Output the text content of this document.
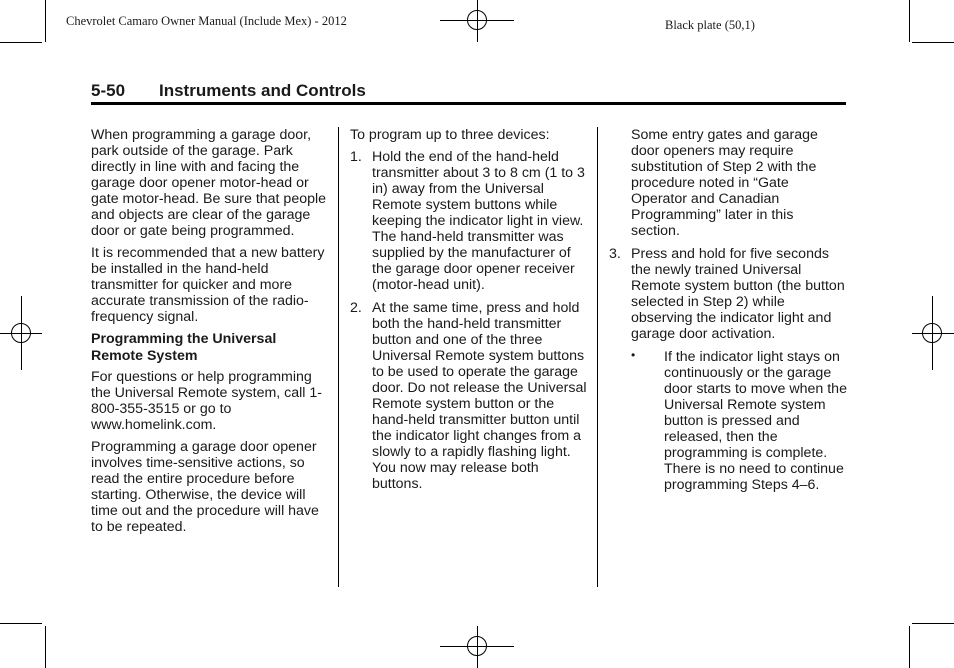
Chevrolet Camaro Owner Manual (Include Mex) - 2012	Black plate (50,1)
5-50 Instruments and Controls

When programming a garage door, park outside of the garage. Park directly in line with and facing the garage door opener motor-head or gate motor-head. Be sure that people and objects are clear of the garage door or gate being programmed.

It is recommended that a new battery be installed in the hand-held transmitter for quicker and more accurate transmission of the radio-frequency signal.

Programming the Universal Remote System

For questions or help programming the Universal Remote system, call 1-800-355-3515 or go to www.homelink.com.

Programming a garage door opener involves time-sensitive actions, so read the entire procedure before starting. Otherwise, the device will time out and the procedure will have to be repeated.

To program up to three devices:

1. Hold the end of the hand-held transmitter about 3 to 8 cm (1 to 3 in) away from the Universal Remote system buttons while keeping the indicator light in view. The hand-held transmitter was supplied by the manufacturer of the garage door opener receiver (motor-head unit).
2. At the same time, press and hold both the hand-held transmitter button and one of the three Universal Remote system buttons to be used to operate the garage door. Do not release the Universal Remote system button or the hand-held transmitter button until the indicator light changes from a slowly to a rapidly flashing light. You now may release both buttons.

Some entry gates and garage door openers may require substitution of Step 2 with the procedure noted in “Gate Operator and Canadian Programming” later in this section.

3. Press and hold for five seconds the newly trained Universal Remote system button (the button selected in Step 2) while observing the indicator light and garage door activation.
• If the indicator light stays on continuously or the garage door starts to move when the Universal Remote system button is pressed and released, then the programming is complete. There is no need to continue programming Steps 4–6.
